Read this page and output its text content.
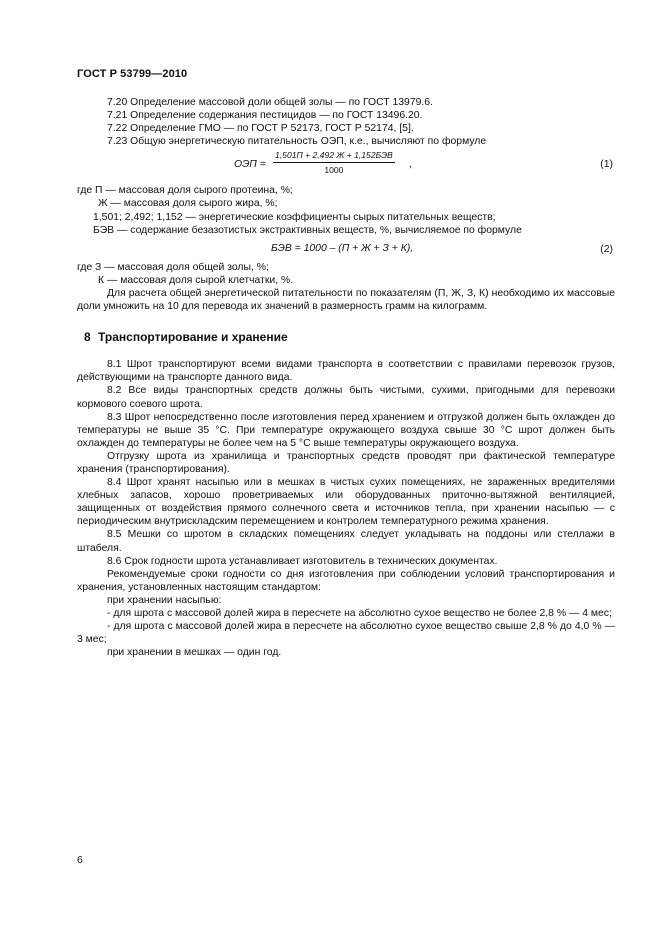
ГОСТ Р 53799—2010

7.20 Определение массовой доли общей золы — по ГОСТ 13979.6.

7.21 Определение содержания пестицидов — по ГОСТ 13496.20.

7.22 Определение ГМО — по ГОСТ Р 52173, ГОСТ Р 52174, [5].

7.23 Общую энергетическую питательность ОЭП, к.е., вычисляют по формуле

ОЭП =
1,501П + 2,492 Ж + 1,152БЭВ
1000	,	(1)

где П — массовая доля сырого протеина, %;

Ж — массовая доля сырого жира, %;

1,501; 2,492; 1,152 — энергетические коэффициенты сырых питательных веществ;

БЭВ — содержание безазотистых экстрактивных веществ, %, вычисляемое по формуле

БЭВ = 1000 – (П + Ж + З + К),	(2)

где З — массовая доля общей золы, %;

К — массовая доля сырой клетчатки, %.

Для расчета общей энергетической питательности по показателям (П, Ж, З, К) необходимо их массовые доли умножить на 10 для перевода их значений в размерность грамм на килограмм.

8 Транспортирование и хранение

8.1 Шрот транспортируют всеми видами транспорта в соответствии с правилами перевозок грузов, действующими на транспорте данного вида.

8.2 Все виды транспортных средств должны быть чистыми, сухими, пригодными для перевозки кормового соевого шрота.

8.3 Шрот непосредственно после изготовления перед хранением и отгрузкой должен быть охлажден до температуры не выше 35 °С. При температуре окружающего воздуха свыше 30 °С шрот должен быть охлажден до температуры не более чем на 5 °С выше температуры окружающего воздуха.

Отгрузку шрота из хранилища и транспортных средств проводят при фактической температуре хранения (транспортирования).

8.4 Шрот хранят насыпью или в мешках в чистых сухих помещениях, не зараженных вредителями хлебных запасов, хорошо проветриваемых или оборудованных приточно-вытяжной вентиляцией, защищенных от воздействия прямого солнечного света и источников тепла, при хранении насыпью — с периодическим внутрискладским перемещением и контролем температурного режима хранения.

8.5 Мешки со шротом в складских помещениях следует укладывать на поддоны или стеллажи в штабеля.

8.6 Срок годности шрота устанавливает изготовитель в технических документах.

Рекомендуемые сроки годности со дня изготовления при соблюдении условий транспортирования и хранения, установленных настоящим стандартом:

при хранении насыпью:

- для шрота с массовой долей жира в пересчете на абсолютно сухое вещество не более 2,8 % — 4 мес;

- для шрота с массовой долей жира в пересчете на абсолютно сухое вещество свыше 2,8 % до 4,0 % — 3 мес;

при хранении в мешках — один год.

6
